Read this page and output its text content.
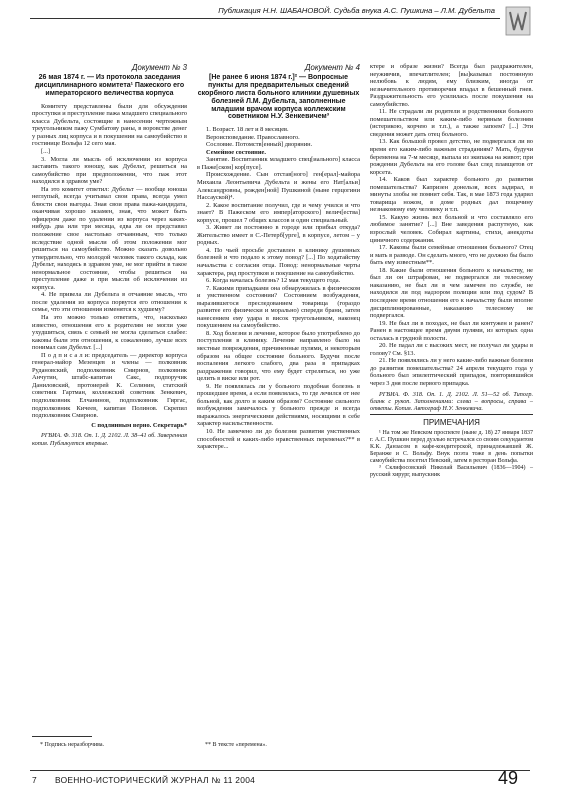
Публикация Н.Н. ШАБАНОВОЙ. Судьба внука А.С. Пушкина – Л.М. Дубельта
Документ № 3
26 мая 1874 г. — Из протокола заседания дисциплинарного комитета¹ Пажеского его императорского величества корпуса

Комитету представлены были для обсуждения проступки и преступление пажа младшего специального класса Дубельта, состоящие в нанесении чертежным треугольником пажу Сумбатову раны, в воровстве денег у разных лиц корпуса и в покушении на самоубийство в гостинице Вольфа 12 сего мая.

[...]

3. Могла ли мысль об исключении из корпуса заставить такого юношу, как Дубельт, решиться на самоубийство при предположении, что паж этот находился в здравом уме?

На это комитет ответил: Дубельт — вообще юноша неглупый, всегда учитывал свои права, всегда умел блюсти свои выгоды. Зная свои права пажа-кандидата, оканчивая хорошо экзамен, зная, что может быть офицером даже по удалении из корпуса через каких-нибудь два или три месяца, едва ли он представил положение свое настолько отчаянным, что только вследствие одной мысли об этом положении мог решиться на самоубийство. Можно сказать довольно утвердительно, что молодой человек такого склада, как Дубельт, находясь в здравом уме, не мог прийти в такое ненормальное состояние, чтобы решиться на преступление даже и при мысли об исключении из корпуса.

4. Не привела ли Дубельта в отчаяние мысль, что после удаления из корпуса порвутся его отношения к семье, что эти отношения изменятся к худшему?

На это можно только ответить, что, насколько известно, отношения его к родителям не могли уже ухудшиться, связь с семьей не могла сделаться слабее: каковы были эти отношения, к сожалению, лучше всех понимал сам Дубельт. [...]

П о д п и с а л и: председатель — директор корпуса генерал-майор Мезенцев и члены — полковник Рудановский, подполковник Смирнов, полковник Анчутин, штабс-капитан Сакс, подпоручик Даниловский, протоиерей К. Селинин, статский советник Гартман, коллежский советник Зенкевич, подполковник Елчанинов, подполковник Гиргас, подполковник Кичеев, капитан Полинов. Скрепил подполковник Смирнов.

С подлинным верно. Секретарь*

РГВИА. Ф. 318. Оп. 1. Д. 2102. Л. 38–41 об. Заверенная копия. Публикуется впервые.

Документ № 4
[Не ранее 6 июня 1874 г.]² — Вопросные пункты для предварительных сведений скорбного листа больного клиники душевных болезней Л.М. Дубельта, заполненные младшим врачом корпуса коллежским советником Н.У. Зенкевичем³

1. Возраст. 18 лет и 8 месяцев.

Вероисповедание. Православного.

Сословие. Потомств[енный] дворянин.

Семейное состояние.

Занятие. Воспитанник младшего спец[иального] класса в Паже[ском] кор[пусе].

Происхождение. Сын отстав[ного] ген[ерал]-майора Михаила Леонтьевича Дубельта и жены его Нат[альи] Александровны, рожден[ной] Пушкиной (ныне герцогини Нассауской)⁴.

2. Какое воспитание получил, где и чему учился и что знает? В Пажеском его импер[аторского] велич[ества] корпусе, прошел 7 общих классов и один специальный.

3. Живет ли постоянно в городе или прибыл откуда? Жительство имеет в С.-Петерб[урге], в корпусе, летом – у родных.

4. По чьей просьбе доставлен в клинику душевных болезней и что подало к этому повод? [...] По ходатайству начальства с согласия отца. Повод: ненормальные черты характера, ряд проступков и покушение на самоубийство.

6. Когда началась болезнь? 12 мая текущего года.

7. Какими припадками она обнаружилась в физическом и умственном состоянии? Состоянием возбуждения, выразившегося преследованием товарища (гораздо развитее его физически и морально) спереди брани, затем нанесением ему удара в висок треугольником, наконец покушением на самоубийство.

8. Ход болезни и лечение, которое было употреблено до поступления в клинику. Лечение направлено было на местные повреждения, причиненные пулями, и некоторым образом на общее состояние больного. Будучи после воспаления легкого слабого, два раза в припадках раздражения говорил, что ему будет стреляться, но уже целить в виске или рот.

9. Не появлялась ли у больного подобная болезнь в прошедшее время, а если появлялась, то где лечился от нее больной, как долго и каким образом? Состояние сильного возбуждения замечалось у больного прежде и всегда выражалось энергическими действиями, носящими в себе характер насильственности.

10. Не замечено ли до болезни развития умственных способностей и каких-либо нравственных переменах?** в характере...

ктере и образе жизни? Всегда был раздражителен, неуживчив, впечатлителен; [вы]казывал постоянную нелюбовь к людям, ему близким, иногда от незначительного противоречия впадал в бешенный гнев. Раздражительность его усилилась после покушения на самоубийство.

11. Не страдали ли родители и родственники больного помешательством или каким-либо нервным болезням (истерикою, корчею и т.п.), а также запоем? [...] Эти сведения может дать отец больного.

13. Как большой провел детство, не подвергался ли во время его каким-либо важным страданиям? Мать, будучи беременна на 7-м месяце, выпала из экипажа на живот; при рождении Дубельта на его голове был след плавщетов от корсета.

14. Каков был характер больного до развития помешательства? Капризен донельзя, всех задирал, в минуты злобы не помнит себя. Так, в мае 1873 года ударил товарища ножом, в доме родных дал пощечину незнакомому ему человеку и т.п.

15. Какую жизнь вел больной и что составляло его любимое занятие? [...] Вне заведения распутную, как взрослый человек. Собирал картины, стихи, анекдоты циничного содержания.

17. Каковы были семейные отношения больного? Отец и мать в разводе. Он сделать много, что не должно бы было быть ему известным**.

18. Какие были отношения больного к начальству, не был ли он штрафован, не подвергался ли телесному наказанию, не был ли в чем замечен по службе, не находился ли под надзором полиции или под судом? В последнее время отношения его к начальству были вполне дисциплинированные, наказанию телесному не подвергался.

19. Не был ли в походах, не был ли контужен и ранен? Ранен в настоящее время двумя пулями, из которых одна осталась в грудной полости.

20. Не падал ли с высоких мест, не получал ли удары в голову? См. §13.

21. Не появлялись ли у него какие-либо важные болезни до развития помешательства? 24 апреля текущего года у больного был эпилептический припадок, повторившийся через 3 дня после первого припадка.

РГВИА. Ф. 318. Оп. 1. Д. 2102. Л. 51—52 об. Типогр. бланк с рукоп. Заполнениями: слева – вопросы, справа – ответы. Копия. Автограф Н.У. Зенкевича.

ПРИМЕЧАНИЯ

¹ На том же Невском проспекте (ныне д. 18) 27 января 1837 г. А.С. Пушкин перед дуэлью встречался со своим секундантом К.К. Данзасом в кафе-кондитерской, принадлежавшей Ж. Беранже и С. Вольфу. Внук поэта тоже в день попытки самоубийства посетил Невский, затем в ресторан Вольфа.

³ Склифосовский Николай Васильевич (1836—1904) – русский хирург, выпускник

* Подпись неразборчива.	** В тексте «перемена».
7 ВОЕННО-ИСТОРИЧЕСКИЙ ЖУРНАЛ № 11 2004	49
